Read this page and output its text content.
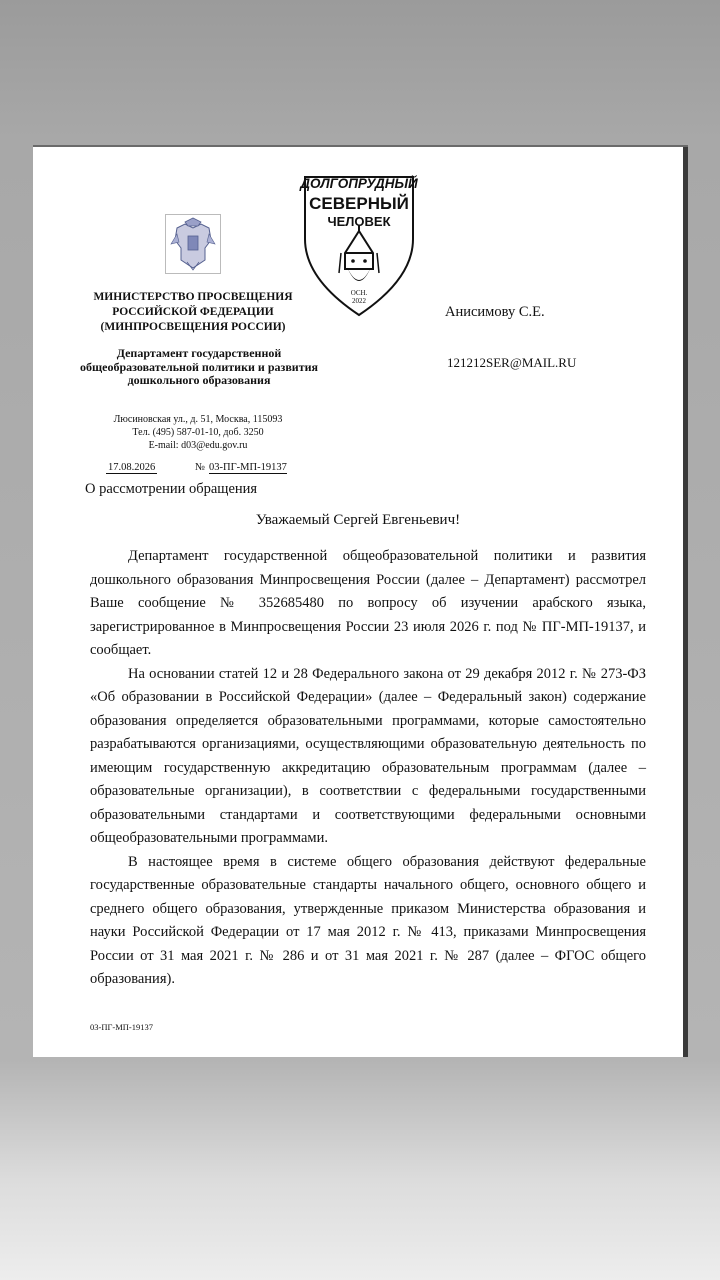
МИНИСТЕРСТВО ПРОСВЕЩЕНИЯ
РОССИЙСКОЙ ФЕДЕРАЦИИ
(МИНПРОСВЕЩЕНИЯ РОССИИ)
Департамент государственной общеобразовательной политики и развития дошкольного образования
Люсиновская ул., д. 51, Москва, 115093
Тел. (495) 587-01-10, доб. 3250
E-mail: d03@edu.gov.ru
17.08.2026	№ 03-ПГ-МП-19137
О рассмотрении обращения
ДОЛГОПРУДНЫЙ
СЕВЕРНЫЙ
ЧЕЛОВЕК
ОСН.
2022
Анисимову С.Е.
121212SER@MAIL.RU
Уважаемый Сергей Евгеньевич!

Департамент государственной общеобразовательной политики и развития дошкольного образования Минпросвещения России (далее – Департамент) рассмотрел Ваше сообщение № 352685480 по вопросу об изучении арабского языка, зарегистрированное в Минпросвещения России 23 июля 2026 г. под № ПГ-МП-19137, и сообщает.

На основании статей 12 и 28 Федерального закона от 29 декабря 2012 г. № 273-ФЗ «Об образовании в Российской Федерации» (далее – Федеральный закон) содержание образования определяется образовательными программами, которые самостоятельно разрабатываются организациями, осуществляющими образовательную деятельность по имеющим государственную аккредитацию образовательным программам (далее – образовательные организации), в соответствии с федеральными государственными образовательными стандартами и соответствующими федеральными основными общеобразовательными программами.

В настоящее время в системе общего образования действуют федеральные государственные образовательные стандарты начального общего, основного общего и среднего общего образования, утвержденные приказом Министерства образования и науки Российской Федерации от 17 мая 2012 г. № 413, приказами Минпросвещения России от 31 мая 2021 г. № 286 и от 31 мая 2021 г. № 287 (далее – ФГОС общего образования).

03-ПГ-МП-19137
